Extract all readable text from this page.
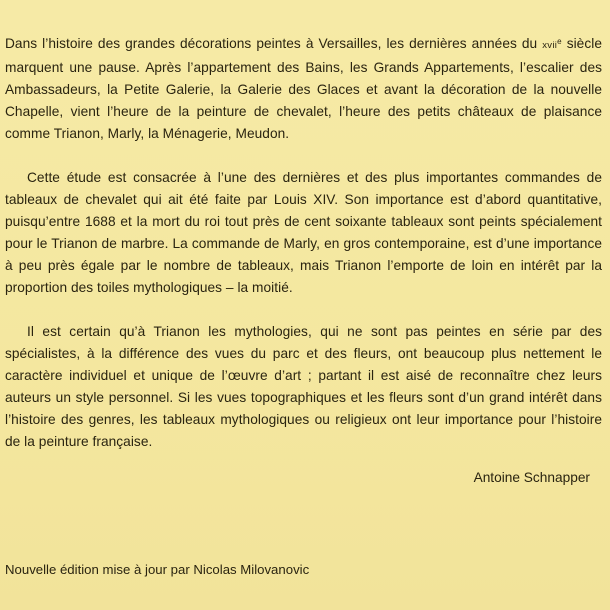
Dans l’histoire des grandes décorations peintes à Versailles, les dernières années du xvii$^e$ siècle marquent une pause. Après l’appartement des Bains, les Grands Appartements, l’escalier des Ambassadeurs, la Petite Galerie, la Galerie des Glaces et avant la décoration de la nouvelle Chapelle, vient l’heure de la peinture de chevalet, l’heure des petits châteaux de plaisance comme Trianon, Marly, la Ménagerie, Meudon.

Cette étude est consacrée à l’une des dernières et des plus importantes commandes de tableaux de chevalet qui ait été faite par Louis XIV. Son importance est d’abord quantitative, puisqu’entre 1688 et la mort du roi tout près de cent soixante tableaux sont peints spécialement pour le Trianon de marbre. La commande de Marly, en gros contemporaine, est d’une importance à peu près égale par le nombre de tableaux, mais Trianon l’emporte de loin en intérêt par la proportion des toiles mythologiques – la moitié.

Il est certain qu’à Trianon les mythologies, qui ne sont pas peintes en série par des spécialistes, à la différence des vues du parc et des fleurs, ont beaucoup plus nettement le caractère individuel et unique de l’œuvre d’art ; partant il est aisé de reconnaître chez leurs auteurs un style personnel. Si les vues topographiques et les fleurs sont d’un grand intérêt dans l’histoire des genres, les tableaux mythologiques ou religieux ont leur importance pour l’histoire de la peinture française.

Antoine Schnapper
Nouvelle édition mise à jour par Nicolas Milovanovic
